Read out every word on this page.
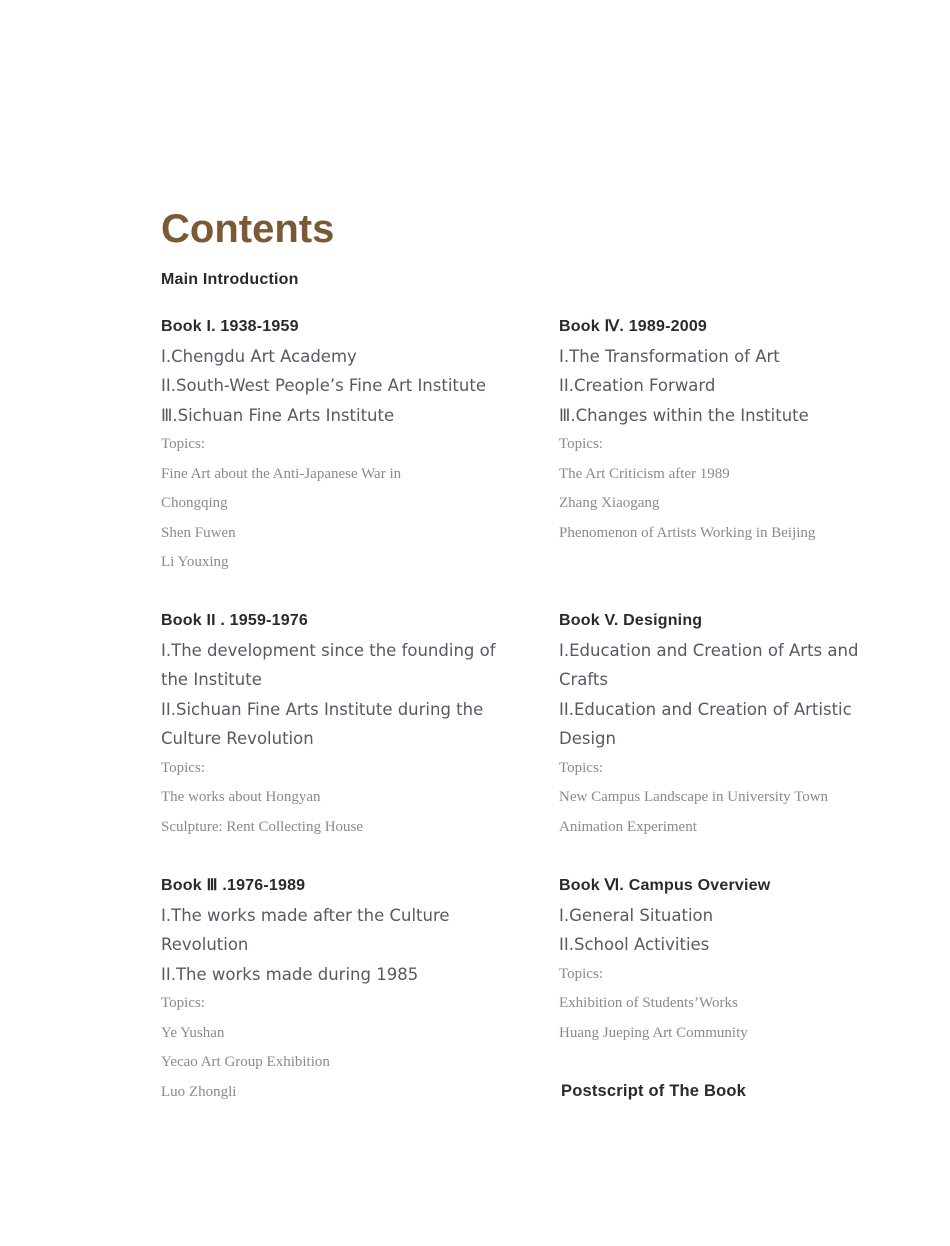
Contents
Main Introduction
Book I. 1938-1959
I.Chengdu Art Academy
II.South-West People’s Fine Art Institute
Ⅲ.Sichuan Fine Arts Institute
Topics:
Fine Art about the Anti-Japanese War in
Chongqing
Shen Fuwen
Li Youxing
Book II . 1959-1976
I.The development since the founding of
the Institute
II.Sichuan Fine Arts Institute during the
Culture Revolution
Topics:
The works about Hongyan
Sculpture: Rent Collecting House
Book Ⅲ .1976-1989
I.The works made after the Culture
Revolution
II.The works made during 1985
Topics:
Ye Yushan
Yecao Art Group Exhibition
Luo Zhongli
Book Ⅳ. 1989-2009
I.The Transformation of Art
II.Creation Forward
Ⅲ.Changes within the Institute
Topics:
The Art Criticism after 1989
Zhang Xiaogang
Phenomenon of Artists Working in Beijing
Book V. Designing
I.Education and Creation of Arts and
Crafts
II.Education and Creation of Artistic
Design
Topics:
New Campus Landscape in University Town
Animation Experiment
Book Ⅵ. Campus Overview
I.General Situation
II.School Activities
Topics:
Exhibition of Students’Works
Huang Jueping Art Community
Postscript of The Book
